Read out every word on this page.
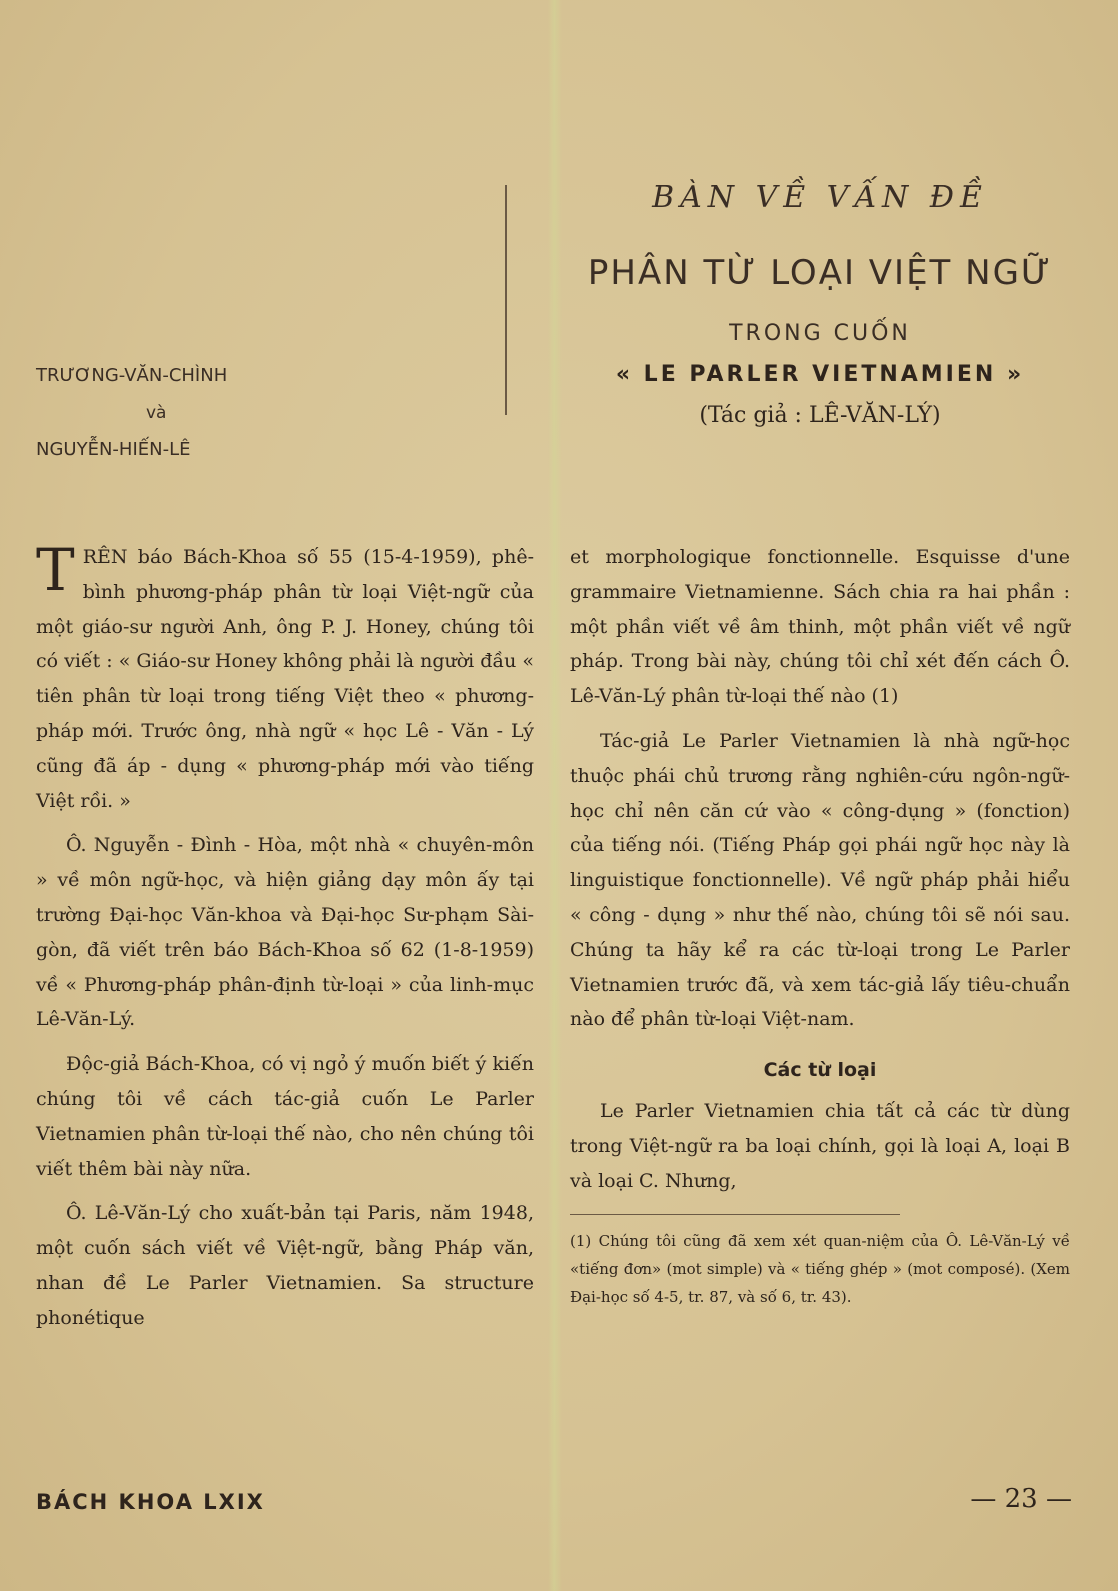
BÀN VỀ VẤN ĐỀ
PHÂN TỪ LOẠI VIỆT NGỮ
TRONG CUỐN
« LE PARLER VIETNAMIEN »
(Tác giả : LÊ-VĂN-LÝ)
TRƯƠNG-VĂN-CHÌNH
và
NGUYỄN-HIẾN-LÊ

TRÊN báo Bách-Khoa số 55 (15-4-1959), phê-bình phương-pháp phân từ loại Việt-ngữ của một giáo-sư người Anh, ông P. J. Honey, chúng tôi có viết : « Giáo-sư Honey không phải là người đầu « tiên phân từ loại trong tiếng Việt theo « phương-pháp mới. Trước ông, nhà ngữ « học Lê - Văn - Lý cũng đã áp - dụng « phương-pháp mới vào tiếng Việt rồi. »

Ô. Nguyễn - Đình - Hòa, một nhà « chuyên-môn » về môn ngữ-học, và hiện giảng dạy môn ấy tại trường Đại-học Văn-khoa và Đại-học Sư-phạm Sài-gòn, đã viết trên báo Bách-Khoa số 62 (1-8-1959) về « Phương-pháp phân-định từ-loại » của linh-mục Lê-Văn-Lý.

Độc-giả Bách-Khoa, có vị ngỏ ý muốn biết ý kiến chúng tôi về cách tác-giả cuốn Le Parler Vietnamien phân từ-loại thế nào, cho nên chúng tôi viết thêm bài này nữa.

Ô. Lê-Văn-Lý cho xuất-bản tại Paris, năm 1948, một cuốn sách viết về Việt-ngữ, bằng Pháp văn, nhan đề Le Parler Vietnamien. Sa structure phonétique

et morphologique fonctionnelle. Esquisse d'une grammaire Vietnamienne. Sách chia ra hai phần : một phần viết về âm thinh, một phần viết về ngữ pháp. Trong bài này, chúng tôi chỉ xét đến cách Ô. Lê-Văn-Lý phân từ-loại thế nào (1)

Tác-giả Le Parler Vietnamien là nhà ngữ-học thuộc phái chủ trương rằng nghiên-cứu ngôn-ngữ-học chỉ nên căn cứ vào « công-dụng » (fonction) của tiếng nói. (Tiếng Pháp gọi phái ngữ học này là linguistique fonctionnelle). Về ngữ pháp phải hiểu « công - dụng » như thế nào, chúng tôi sẽ nói sau. Chúng ta hãy kể ra các từ-loại trong Le Parler Vietnamien trước đã, và xem tác-giả lấy tiêu-chuẩn nào để phân từ-loại Việt-nam.

Các từ loại

Le Parler Vietnamien chia tất cả các từ dùng trong Việt-ngữ ra ba loại chính, gọi là loại A, loại B và loại C. Nhưng,

(1) Chúng tôi cũng đã xem xét quan-niệm của Ô. Lê-Văn-Lý về «tiếng đơn» (mot simple) và « tiếng ghép » (mot composé). (Xem Đại-học số 4-5, tr. 87, và số 6, tr. 43).

BÁCH KHOA LXIX	— 23 —
